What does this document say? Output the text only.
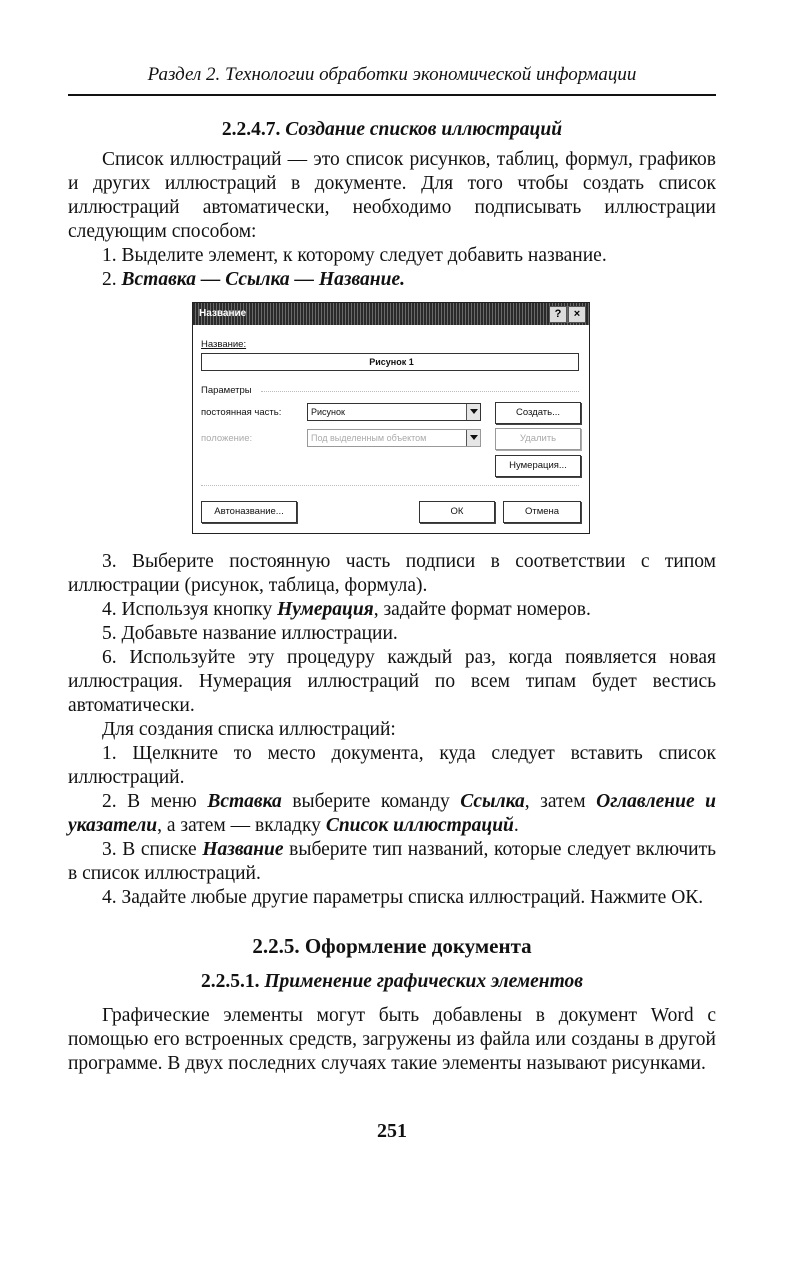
Раздел 2. Технологии обработки экономической информации

2.2.4.7. Создание списков иллюстраций

Список иллюстраций — это список рисунков, таблиц, формул, графиков и других иллюстраций в документе. Для того чтобы создать список иллюстраций автоматически, необходимо подписывать иллюстрации следующим способом:

1. Выделите элемент, к которому следует добавить название.

2. Вставка — Ссылка — Название.

Название	?	×
Название:
Рисунок 1
Параметры
постоянная часть:	Рисунок	Создать...
положение:	Под выделенным объектом	Удалить
Нумерация...
Автоназвание...	ОК	Отмена

3. Выберите постоянную часть подписи в соответствии с типом иллюстрации (рисунок, таблица, формула).

4. Используя кнопку Нумерация, задайте формат номеров.

5. Добавьте название иллюстрации.

6. Используйте эту процедуру каждый раз, когда появляется новая иллюстрация. Нумерация иллюстраций по всем типам будет вестись автоматически.

Для создания списка иллюстраций:

1. Щелкните то место документа, куда следует вставить список иллюстраций.

2. В меню Вставка выберите команду Ссылка, затем Оглавление и указатели, а затем — вкладку Список иллюстраций.

3. В списке Название выберите тип названий, которые следует включить в список иллюстраций.

4. Задайте любые другие параметры списка иллюстраций. Нажмите ОК.

2.2.5. Оформление документа

2.2.5.1. Применение графических элементов

Графические элементы могут быть добавлены в документ Word с помощью его встроенных средств, загружены из файла или созданы в другой программе. В двух последних случаях такие элементы называют рисунками.

251
